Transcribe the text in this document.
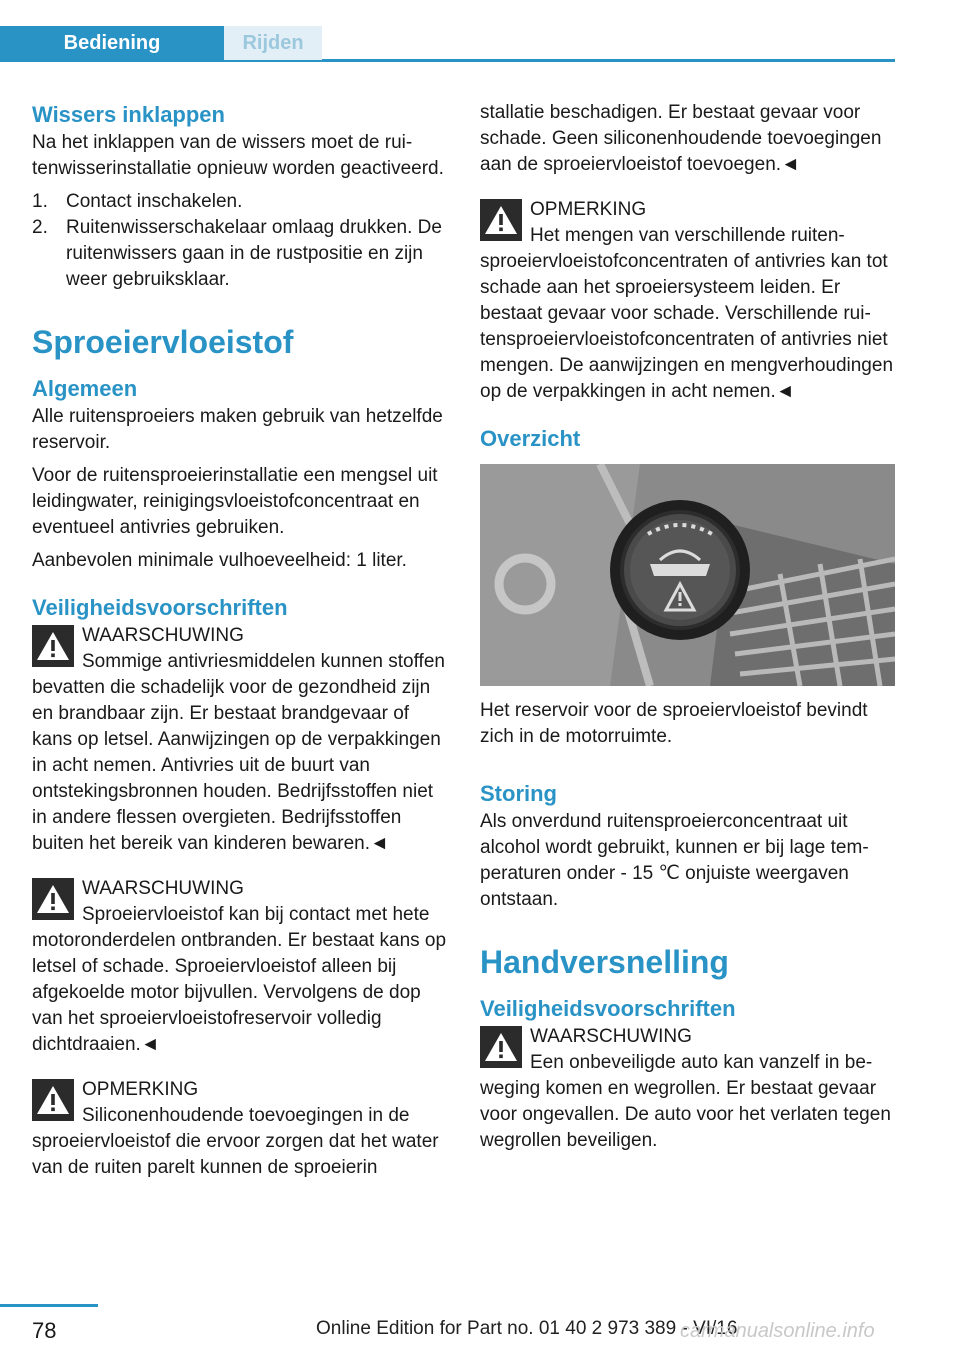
Bediening	Rijden
Wissers inklappen

Na het inklappen van de wissers moet de ruitenwisserinstallatie opnieuw worden geactiveerd.

1. Contact inschakelen.
2. Ruitenwisserschakelaar omlaag drukken. De ruitenwissers gaan in de rustpositie en zijn weer gebruiksklaar.
Sproeiervloeistof
Algemeen

Alle ruitensproeiers maken gebruik van hetzelfde reservoir.

Voor de ruitensproeierinstallatie een mengsel uit leidingwater, reinigingsvloeistofconcentraat en eventueel antivries gebruiken.

Aanbevolen minimale vulhoeveelheid: 1 liter.

Veiligheidsvoorschriften
WAARSCHUWING
Sommige antivriesmiddelen kunnen stoffen bevatten die schadelijk voor de gezondheid zijn en brandbaar zijn. Er bestaat brandgevaar of kans op letsel. Aanwijzingen op de verpakkingen in acht nemen. Antivries uit de buurt van ontstekingsbronnen houden. Bedrijfsstoffen niet in andere flessen overgieten. Bedrijfsstoffen buiten het bereik van kinderen bewaren.◄
WAARSCHUWING
Sproeiervloeistof kan bij contact met hete motoronderdelen ontbranden. Er bestaat kans op letsel of schade. Sproeiervloeistof alleen bij afgekoelde motor bijvullen. Vervolgens de dop van het sproeiervloeistofreservoir volledig dichtdraaien.◄
OPMERKING
Siliconenhoudende toevoegingen in de sproeiervloeistof die ervoor zorgen dat het water van de ruiten parelt kunnen de sproeierin

stallatie beschadigen. Er bestaat gevaar voor schade. Geen siliconenhoudende toevoegingen aan de sproeiervloeistof toevoegen.◄

OPMERKING
Het mengen van verschillende ruitensproeiervloeistofconcentraten of antivries kan tot schade aan het sproeiersysteem leiden. Er bestaat gevaar voor schade. Verschillende ruitensproeiervloeistofconcentraten of antivries niet mengen. De aanwijzingen en mengverhoudingen op de verpakkingen in acht nemen.◄
Overzicht

Het reservoir voor de sproeiervloeistof bevindt zich in de motorruimte.

Storing

Als onverdund ruitensproeierconcentraat uit alcohol wordt gebruikt, kunnen er bij lage temperaturen onder - 15 ℃ onjuiste weergaven ontstaan.

Handversnelling
Veiligheidsvoorschriften
WAARSCHUWING
Een onbeveiligde auto kan vanzelf in beweging komen en wegrollen. Er bestaat gevaar voor ongevallen. De auto voor het verlaten tegen wegrollen beveiligen.
78	Online Edition for Part no. 01 40 2 973 389 - VI/16
carmanualsonline.info
